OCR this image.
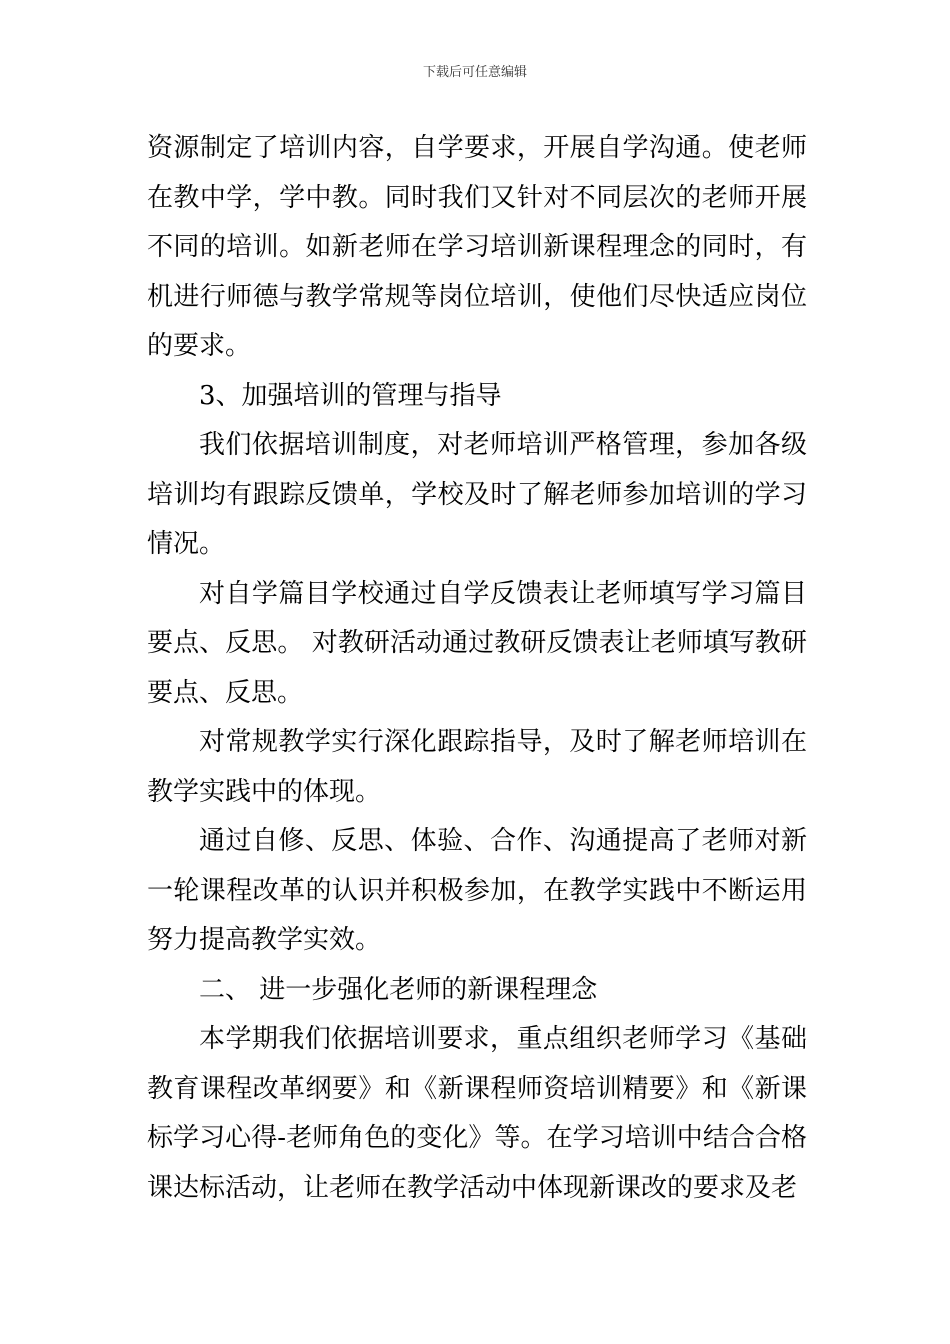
下载后可任意编辑

资源制定了培训内容，自学要求，开展自学沟通。使老师在教中学，学中教。同时我们又针对不同层次的老师开展不同的培训。如新老师在学习培训新课程理念的同时，有机进行师德与教学常规等岗位培训，使他们尽快适应岗位的要求。

3、加强培训的管理与指导

我们依据培训制度，对老师培训严格管理，参加各级培训均有跟踪反馈单，学校及时了解老师参加培训的学习情况。

对自学篇目学校通过自学反馈表让老师填写学习篇目要点、反思。 对教研活动通过教研反馈表让老师填写教研要点、反思。

对常规教学实行深化跟踪指导，及时了解老师培训在教学实践中的体现。

通过自修、反思、体验、合作、沟通提高了老师对新一轮课程改革的认识并积极参加，在教学实践中不断运用努力提高教学实效。

二、 进一步强化老师的新课程理念

本学期我们依据培训要求，重点组织老师学习《基础教育课程改革纲要》和《新课程师资培训精要》和《新课标学习心得-老师角色的变化》等。在学习培训中结合合格课达标活动，让老师在教学活动中体现新课改的要求及老
